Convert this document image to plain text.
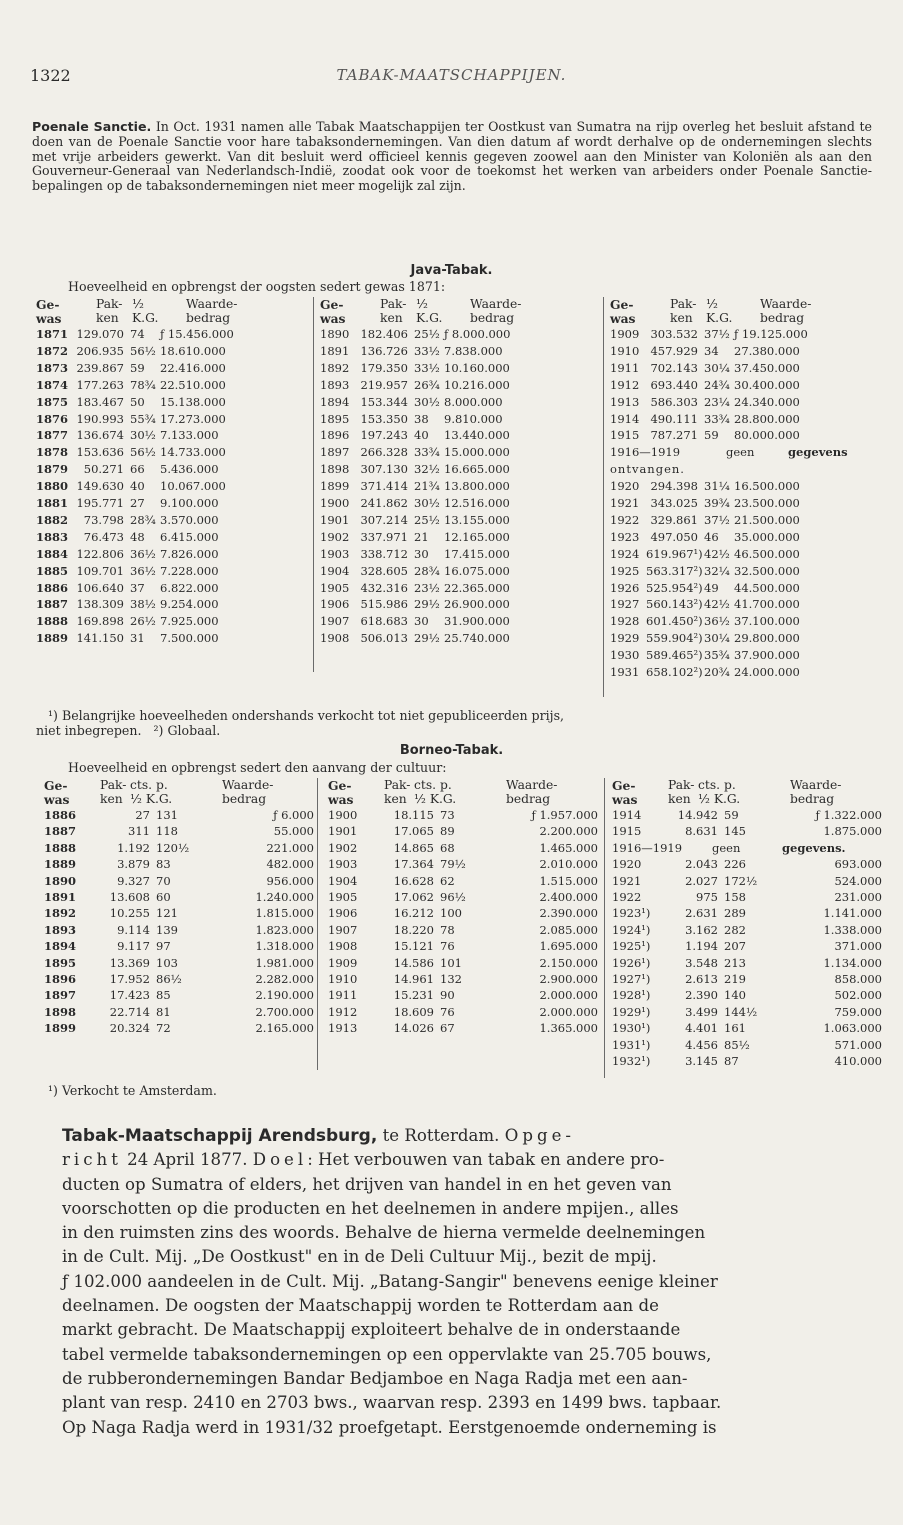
1322	TABAK-MAATSCHAPPIJEN.
Poenale Sanctie. In Oct. 1931 namen alle Tabak Maatschappijen ter Oostkust van Sumatra na rijp overleg het besluit afstand te doen van de Poenale Sanctie voor hare tabaksondernemingen. Van dien datum af wordt derhalve op de ondernemingen slechts met vrije arbeiders gewerkt. Van dit besluit werd officieel kennis gegeven zoowel aan den Minister van Koloniën als aan den Gouverneur-Generaal van Nederlandsch-Indië, zoodat ook voor de toekomst het werken van arbeiders onder Poenale Sanctie-bepalingen op de tabaksondernemingen niet meer mogelijk zal zijn.
Java-Tabak.
Hoeveelheid en opbrengst der oogsten sedert gewas 1871:
Ge-	Pak- ½	Waarde-
was	ken	K.G.	bedrag
Ge-	Pak- ½	Waarde-
was	ken	K.G.	bedrag
Ge-	Pak- ½	Waarde-
was	ken	K.G.	bedrag
1871 129.070 74	ƒ 15.456.000
1872 206.935 56½ 18.610.000
1873 239.867 59	22.416.000
1874 177.263 78¾ 22.510.000
1875 183.467 50	15.138.000
1876 190.993 55¾ 17.273.000
1877 136.674 30½ 7.133.000
1878 153.636 56½ 14.733.000
1879	50.271 66	5.436.000
1880 149.630 40	10.067.000
1881 195.771 27	9.100.000
1882	73.798 28¾ 3.570.000
1883	76.473 48	6.415.000
1884 122.806 36½ 7.826.000
1885 109.701 36½ 7.228.000
1886 106.640 37	6.822.000
1887 138.309 38½ 9.254.000
1888 169.898 26½ 7.925.000
1889 141.150 31	7.500.000
1890 182.406 25½ ƒ 8.000.000
1891 136.726 33½ 7.838.000
1892 179.350 33½ 10.160.000
1893 219.957 26¾ 10.216.000
1894 153.344 30½ 8.000.000
1895 153.350 38	9.810.000
1896 197.243 40	13.440.000
1897 266.328 33¾ 15.000.000
1898 307.130 32½ 16.665.000
1899 371.414 21¾ 13.800.000
1900 241.862 30½ 12.516.000
1901 307.214 25½ 13.155.000
1902 337.971 21	12.165.000
1903 338.712 30	17.415.000
1904 328.605 28¾ 16.075.000
1905 432.316 23½ 22.365.000
1906 515.986 29½ 26.900.000
1907 618.683 30	31.900.000
1908 506.013 29½ 25.740.000
1909 303.532 37½ ƒ 19.125.000
1910 457.929 34	27.380.000
1911 702.143 30¼ 37.450.000
1912 693.440 24¾ 30.400.000
1913 586.303 23¼ 24.340.000
1914 490.111 33¾ 28.800.000
1915 787.271 59	80.000.000
1916—1919	geen	gegevens
ontvangen.
1920 294.398 31¼ 16.500.000
1921 343.025 39¾ 23.500.000
1922 329.861 37½ 21.500.000
1923 497.050 46	35.000.000
1924 619.967¹) 42½ 46.500.000
1925 563.317²) 32¼ 32.500.000
1926 525.954²) 49	44.500.000
1927 560.143²) 42½ 41.700.000
1928 601.450²) 36½ 37.100.000
1929 559.904²) 30¼ 29.800.000
1930 589.465²) 35¾ 37.900.000
1931 658.102²) 20¾ 24.000.000
¹) Belangrijke hoeveelheden ondershands verkocht tot niet gepubliceerden prijs,
niet inbegrepen. ²) Globaal.
Borneo-Tabak.
Hoeveelheid en opbrengst sedert den aanvang der cultuur:
Ge-	Pak- cts. p.	Waarde-
was	ken ½ K.G.	bedrag
Ge-	Pak- cts. p.	Waarde-
was	ken ½ K.G.	bedrag
Ge-	Pak- cts. p.	Waarde-
was	ken ½ K.G.	bedrag
1886	27 131	ƒ 6.000
1887	311 118	55.000
1888	1.192 120½	221.000
1889	3.879 83	482.000
1890	9.327 70	956.000
1891	13.608 60	1.240.000
1892	10.255 121	1.815.000
1893	9.114 139	1.823.000
1894	9.117 97	1.318.000
1895	13.369 103	1.981.000
1896	17.952 86½	2.282.000
1897	17.423 85	2.190.000
1898	22.714 81	2.700.000
1899	20.324 72	2.165.000
1900	18.115 73	ƒ 1.957.000
1901	17.065 89	2.200.000
1902	14.865 68	1.465.000
1903	17.364 79½	2.010.000
1904	16.628 62	1.515.000
1905	17.062 96½	2.400.000
1906	16.212 100	2.390.000
1907	18.220 78	2.085.000
1908	15.121 76	1.695.000
1909	14.586 101	2.150.000
1910	14.961 132	2.900.000
1911	15.231 90	2.000.000
1912	18.609 76	2.000.000
1913	14.026 67	1.365.000
1914	14.942 59	ƒ 1.322.000
1915	8.631 145	1.875.000
1916—1919	geen	gegevens.
1920	2.043 226	693.000
1921	2.027 172½	524.000
1922	975 158	231.000
1923¹)	2.631 289	1.141.000
1924¹)	3.162 282	1.338.000
1925¹)	1.194 207	371.000
1926¹)	3.548 213	1.134.000
1927¹)	2.613 219	858.000
1928¹)	2.390 140	502.000
1929¹)	3.499 144½	759.000
1930¹)	4.401 161	1.063.000
1931¹)	4.456 85½	571.000
1932¹)	3.145 87	410.000
¹) Verkocht te Amsterdam.
Tabak-Maatschappij Arendsburg, te Rotterdam. Opge-
richt 24 April 1877. Doel: Het verbouwen van tabak en andere pro-
ducten op Sumatra of elders, het drijven van handel in en het geven van
voorschotten op die producten en het deelnemen in andere mpijen., alles
in den ruimsten zins des woords. Behalve de hierna vermelde deelnemingen
in de Cult. Mij. „De Oostkust" en in de Deli Cultuur Mij., bezit de mpij.
ƒ 102.000 aandeelen in de Cult. Mij. „Batang-Sangir" benevens eenige kleiner
deelnamen. De oogsten der Maatschappij worden te Rotterdam aan de
markt gebracht. De Maatschappij exploiteert behalve de in onderstaande
tabel vermelde tabaksondernemingen op een oppervlakte van 25.705 bouws,
de rubberondernemingen Bandar Bedjamboe en Naga Radja met een aan-
plant van resp. 2410 en 2703 bws., waarvan resp. 2393 en 1499 bws. tapbaar.
Op Naga Radja werd in 1931/32 proefgetapt. Eerstgenoemde onderneming is
